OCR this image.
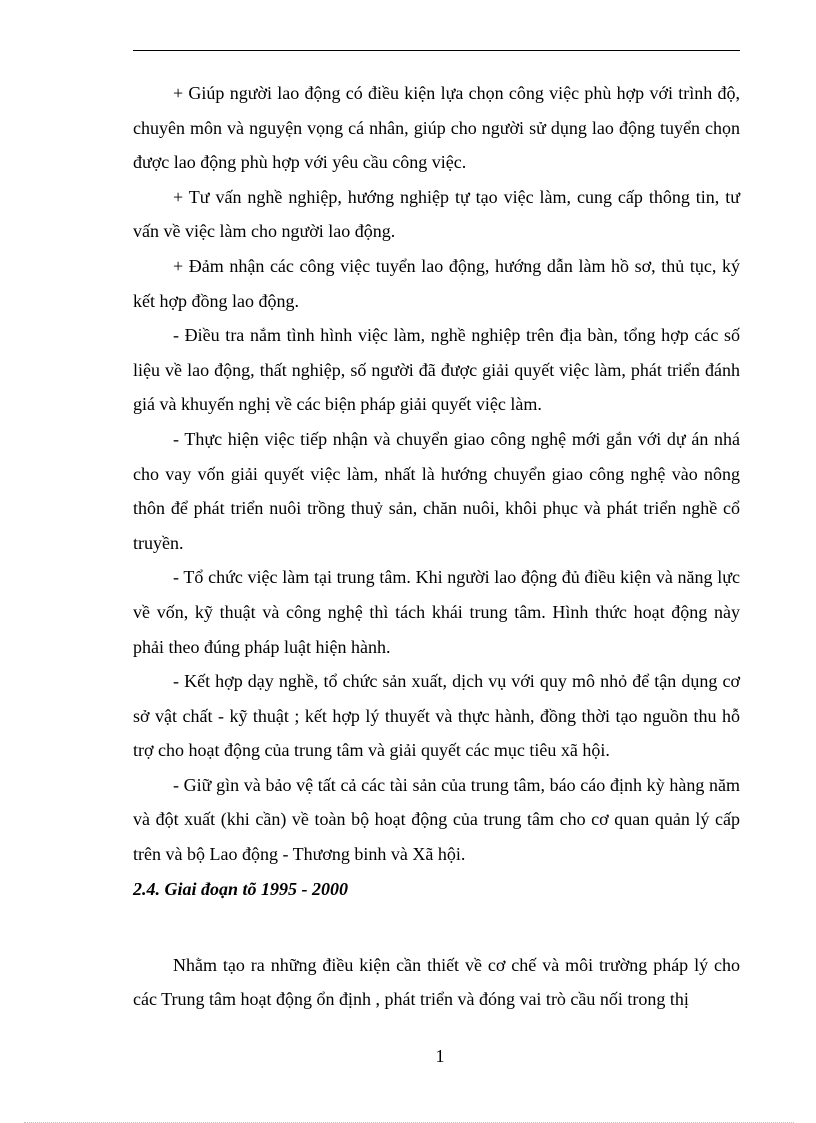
+ Giúp người lao động có điều kiện lựa chọn công việc phù hợp với trình độ, chuyên môn và nguyện vọng cá nhân, giúp cho người sử dụng lao động tuyển chọn được lao động phù hợp với yêu cầu công việc.

+ Tư vấn nghề nghiệp, hướng nghiệp tự tạo việc làm, cung cấp thông tin, tư vấn về việc làm cho người lao động.

+ Đảm nhận các công việc tuyển lao động, hướng dẫn làm hồ sơ, thủ tục, ký kết hợp đồng lao động.

- Điều tra nắm tình hình việc làm, nghề nghiệp trên địa bàn, tổng hợp các số liệu về lao động, thất nghiệp, số người đã được giải quyết việc làm, phát triển đánh giá và khuyến nghị về các biện pháp giải quyết việc làm.

- Thực hiện việc tiếp nhận và chuyển giao công nghệ mới gắn với dự án nhá cho vay vốn giải quyết việc làm, nhất là hướng chuyển giao công nghệ vào nông thôn để phát triển nuôi trồng thuỷ sản, chăn nuôi, khôi phục và phát triển nghề cổ truyền.

- Tổ chức việc làm tại trung tâm. Khi người lao động đủ điều kiện và năng lực về vốn, kỹ thuật và công nghệ thì tách khái trung tâm. Hình thức hoạt động này phải theo đúng pháp luật hiện hành.

- Kết hợp dạy nghề, tổ chức sản xuất, dịch vụ với quy mô nhỏ để tận dụng cơ sở vật chất - kỹ thuật ; kết hợp lý thuyết và thực hành, đồng thời tạo nguồn thu hỗ trợ cho hoạt động của trung tâm và giải quyết các mục tiêu xã hội.

- Giữ gìn và bảo vệ tất cả các tài sản của trung tâm, báo cáo định kỳ hàng năm và đột xuất (khi cần) về toàn bộ hoạt động của trung tâm cho cơ quan quản lý cấp trên và bộ Lao động - Thương binh và Xã hội.

2.4. Giai đoạn tõ 1995 - 2000

Nhằm tạo ra những điều kiện cần thiết về cơ chế và môi trường pháp lý cho các Trung tâm hoạt động ổn định , phát triển và đóng vai trò cầu nối trong thị

1
